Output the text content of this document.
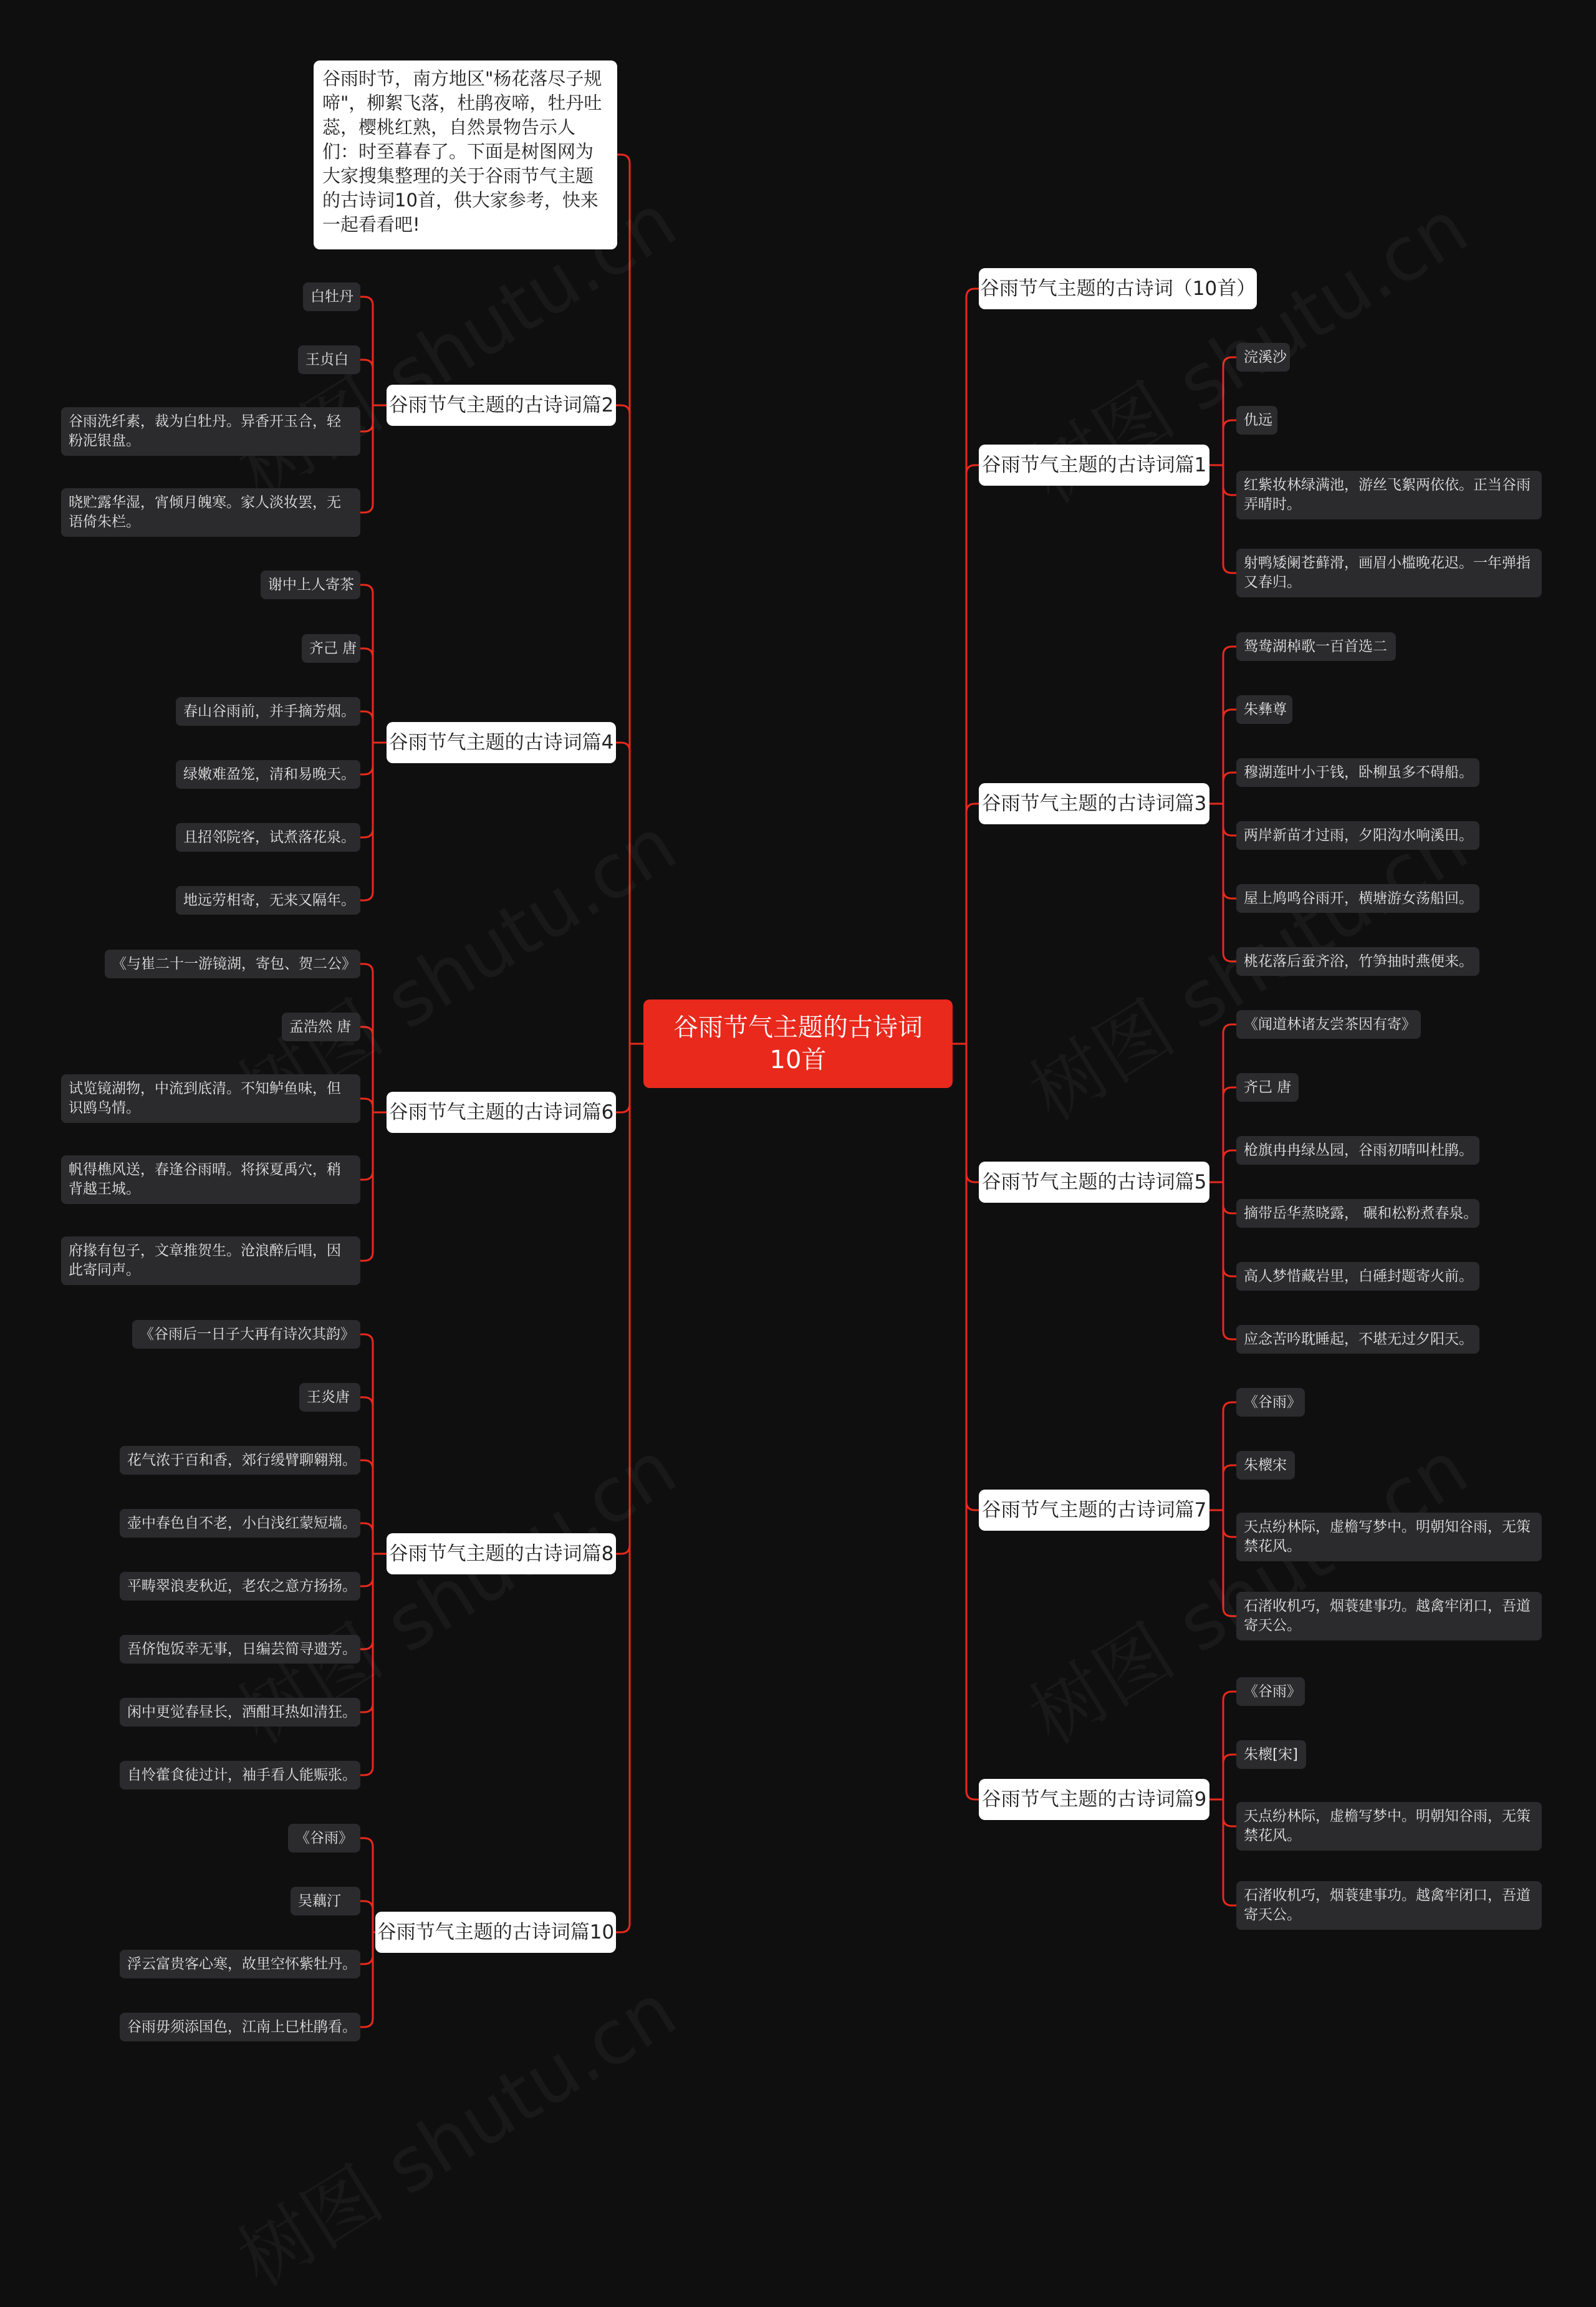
谷雨节气主题的古诗词10首
谷雨节气主题的古诗词（10首）
谷雨节气主题的古诗词篇1
浣溪沙
仇远
红紫妆林绿满池，游丝飞絮两依依。正当谷雨弄晴时。
射鸭矮阑苍藓滑，画眉小槛晚花迟。一年弹指又春归。
谷雨节气主题的古诗词篇3
鸳鸯湖棹歌一百首选二
朱彝尊
穆湖莲叶小于钱，卧柳虽多不碍船。
两岸新苗才过雨，夕阳沟水响溪田。
屋上鸠鸣谷雨开，横塘游女荡船回。
桃花落后蚕齐浴，竹笋抽时燕便来。
谷雨节气主题的古诗词篇5
《闻道林诸友尝茶因有寄》
齐己 唐
枪旗冉冉绿丛园，谷雨初晴叫杜鹃。
摘带岳华蒸晓露， 碾和松粉煮春泉。
高人梦惜藏岩里，白硾封题寄火前。
应念苦吟耽睡起，不堪无过夕阳天。
谷雨节气主题的古诗词篇7
《谷雨》
朱櫰宋
天点纷林际，虚檐写梦中。明朝知谷雨，无策禁花风。
石渚收机巧，烟蓑建事功。越禽牢闭口，吾道寄天公。
谷雨节气主题的古诗词篇9
《谷雨》
朱櫰[宋]
天点纷林际，虚檐写梦中。明朝知谷雨，无策禁花风。
石渚收机巧，烟蓑建事功。越禽牢闭口，吾道寄天公。
谷雨时节，南方地区"杨花落尽子规啼"，柳絮飞落，杜鹃夜啼，牡丹吐蕊，樱桃红熟，自然景物告示人们：时至暮春了。下面是树图网为大家搜集整理的关于谷雨节气主题的古诗词10首，供大家参考，快来一起看看吧!
谷雨节气主题的古诗词篇2
白牡丹
王贞白
谷雨洗纤素，裁为白牡丹。异香开玉合，轻粉泥银盘。
晓贮露华湿，宵倾月魄寒。家人淡妆罢，无语倚朱栏。
谷雨节气主题的古诗词篇4
谢中上人寄茶
齐己 唐
春山谷雨前，并手摘芳烟。
绿嫩难盈笼，清和易晚天。
且招邻院客，试煮落花泉。
地远劳相寄，无来又隔年。
谷雨节气主题的古诗词篇6
《与崔二十一游镜湖，寄包、贺二公》
孟浩然 唐
试览镜湖物，中流到底清。不知鲈鱼味，但识鸥鸟情。
帆得樵风送，春逢谷雨晴。将探夏禹穴，稍背越王城。
府掾有包子，文章推贺生。沧浪醉后唱，因此寄同声。
谷雨节气主题的古诗词篇8
《谷雨后一日子大再有诗次其韵》
王炎唐
花气浓于百和香，郊行缓臂聊翱翔。
壶中春色自不老，小白浅红蒙短墙。
平畴翠浪麦秋近，老农之意方扬扬。
吾侪饱饭幸无事，日编芸简寻遗芳。
闲中更觉春昼长，酒酣耳热如清狂。
自怜藿食徒过计，袖手看人能赈张。
谷雨节气主题的古诗词篇10
《谷雨》
吴藕汀
浮云富贵客心寒，故里空怀紫牡丹。
谷雨毋须添国色，江南上巳杜鹃看。
